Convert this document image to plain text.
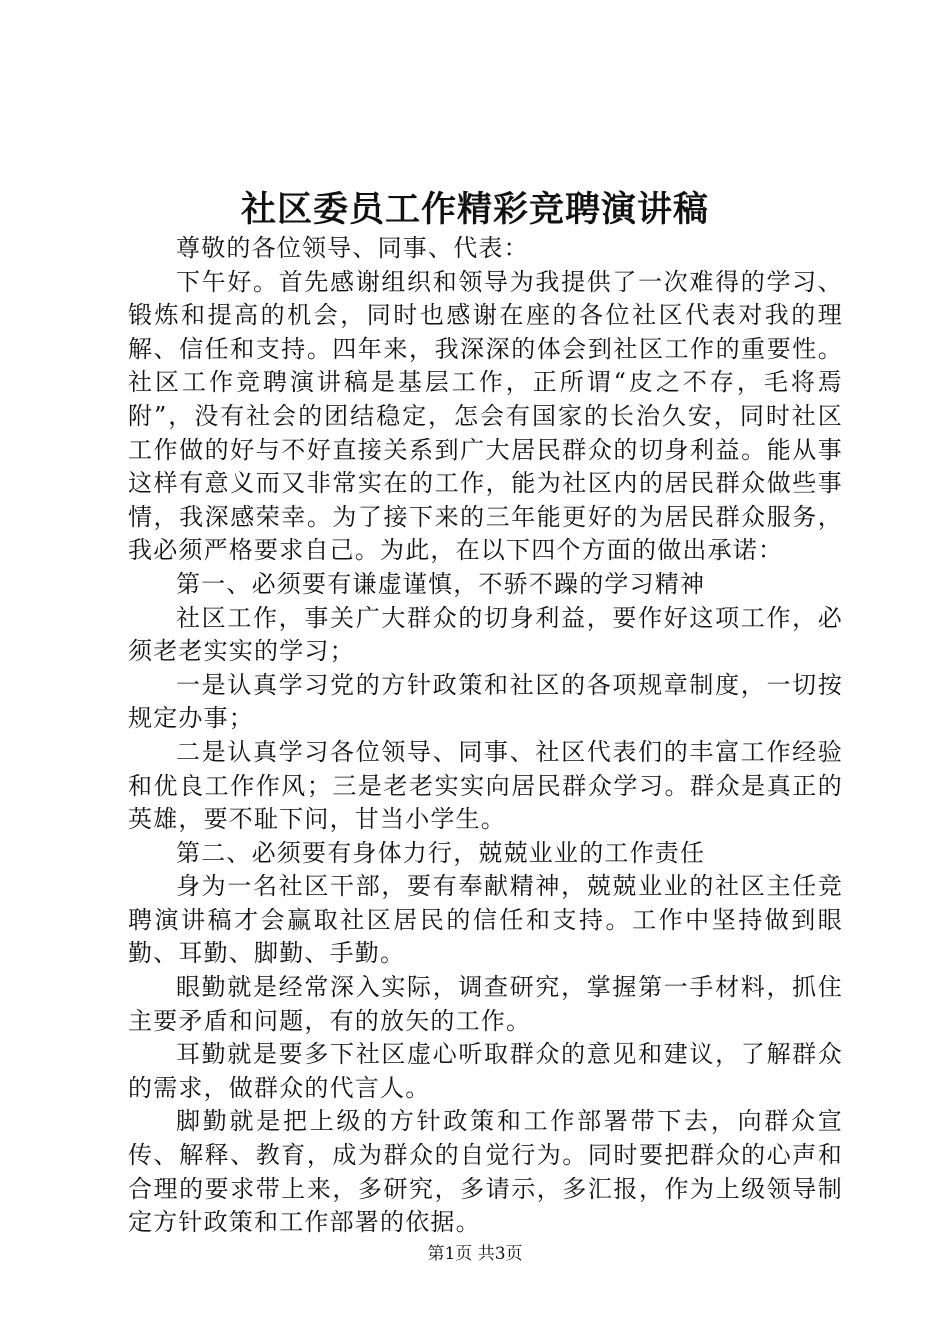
社区委员工作精彩竞聘演讲稿

尊敬的各位领导、同事、代表：

下午好。首先感谢组织和领导为我提供了一次难得的学习、锻炼和提高的机会，同时也感谢在座的各位社区代表对我的理解、信任和支持。四年来，我深深的体会到社区工作的重要性。社区工作竞聘演讲稿是基层工作，正所谓“皮之不存，毛将焉附”，没有社会的团结稳定，怎会有国家的长治久安，同时社区工作做的好与不好直接关系到广大居民群众的切身利益。能从事这样有意义而又非常实在的工作，能为社区内的居民群众做些事情，我深感荣幸。为了接下来的三年能更好的为居民群众服务，我必须严格要求自己。为此，在以下四个方面的做出承诺：

第一、必须要有谦虚谨慎，不骄不躁的学习精神

社区工作，事关广大群众的切身利益，要作好这项工作，必须老老实实的学习；

一是认真学习党的方针政策和社区的各项规章制度，一切按规定办事；

二是认真学习各位领导、同事、社区代表们的丰富工作经验和优良工作作风；三是老老实实向居民群众学习。群众是真正的英雄，要不耻下问，甘当小学生。

第二、必须要有身体力行，兢兢业业的工作责任

身为一名社区干部，要有奉献精神，兢兢业业的社区主任竞聘演讲稿才会赢取社区居民的信任和支持。工作中坚持做到眼勤、耳勤、脚勤、手勤。

眼勤就是经常深入实际，调查研究，掌握第一手材料，抓住主要矛盾和问题，有的放矢的工作。

耳勤就是要多下社区虚心听取群众的意见和建议，了解群众的需求，做群众的代言人。

脚勤就是把上级的方针政策和工作部署带下去，向群众宣传、解释、教育，成为群众的自觉行为。同时要把群众的心声和合理的要求带上来，多研究，多请示，多汇报，作为上级领导制定方针政策和工作部署的依据。

第1页 共3页
